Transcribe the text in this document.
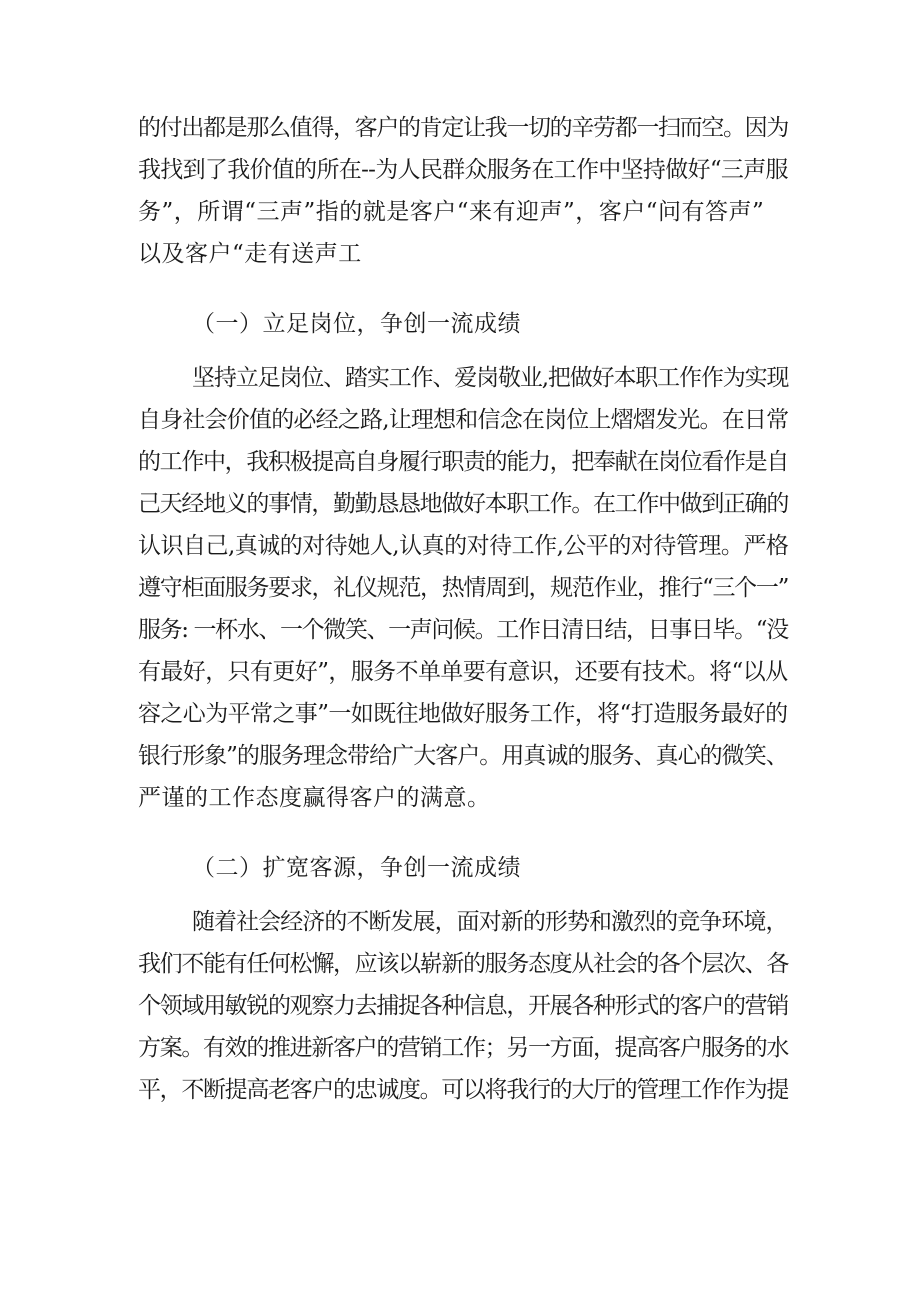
的付出都是那么值得，客户的肯定让我一切的辛劳都一扫而空。因为
我找到了我价值的所在--为人民群众服务在工作中坚持做好“三声服
务”，所谓“三声”指的就是客户“来有迎声”，客户“问有答声”
以及客户“走有送声工
（一）立足岗位，争创一流成绩
坚持立足岗位、踏实工作、爱岗敬业,把做好本职工作作为实现
自身社会价值的必经之路,让理想和信念在岗位上熠熠发光。在日常
的工作中，我积极提高自身履行职责的能力，把奉献在岗位看作是自
己天经地义的事情，勤勤恳恳地做好本职工作。在工作中做到正确的
认识自己,真诚的对待她人,认真的对待工作,公平的对待管理。严格
遵守柜面服务要求，礼仪规范，热情周到，规范作业，推行“三个一”
服务: 一杯水、一个微笑、一声问候。工作日清日结，日事日毕。“没
有最好，只有更好”，服务不单单要有意识，还要有技术。将“以从
容之心为平常之事”一如既往地做好服务工作，将“打造服务最好的
银行形象”的服务理念带给广大客户。用真诚的服务、真心的微笑、
严谨的工作态度赢得客户的满意。
（二）扩宽客源，争创一流成绩
随着社会经济的不断发展，面对新的形势和激烈的竞争环境，
我们不能有任何松懈，应该以崭新的服务态度从社会的各个层次、各
个领域用敏锐的观察力去捕捉各种信息，开展各种形式的客户的营销
方案。有效的推进新客户的营销工作；另一方面，提高客户服务的水
平，不断提高老客户的忠诚度。可以将我行的大厅的管理工作作为提
